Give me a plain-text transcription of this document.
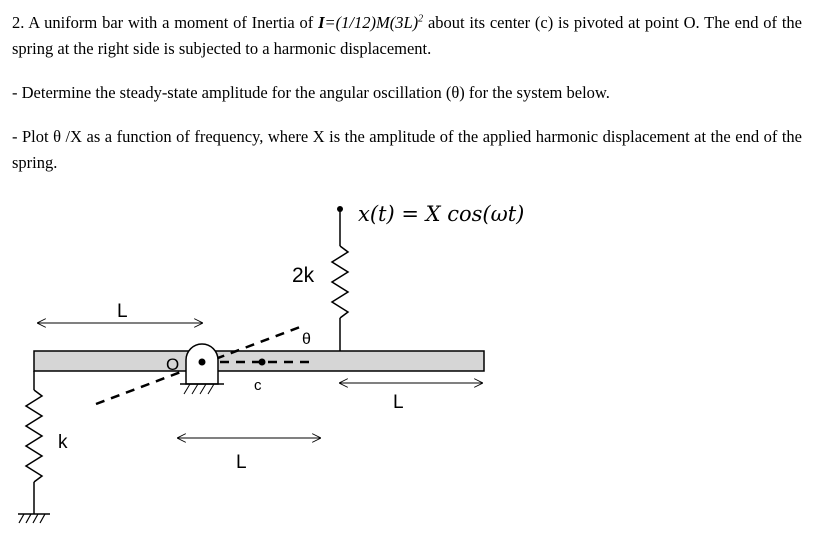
2. A uniform bar with a moment of Inertia of $I=(1/12)M(3L)^2$ about its center (c) is pivoted at point O. The end of the spring at the right side is subjected to a harmonic displacement.

- Determine the steady-state amplitude for the angular oscillation (θ) for the system below.

- Plot θ /X as a function of frequency, where X is the amplitude of the applied harmonic displacement at the end of the spring.

O
c
θ
x(t) = X cos(ωt)
2k
k
L
L
L
